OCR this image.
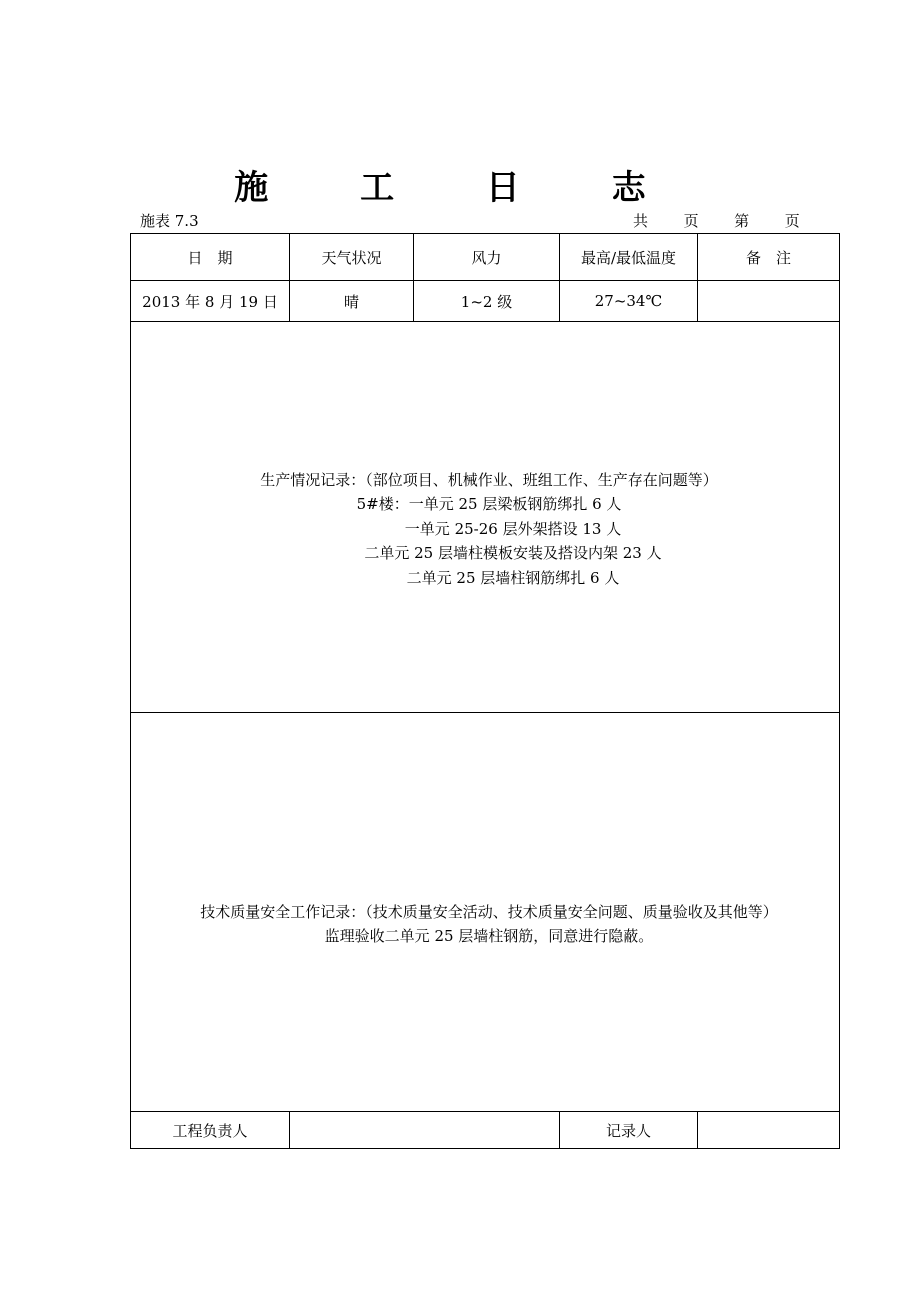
施 工 日 志
施表 7.3	共 页 第 页
日　期	天气状况	风力	最高/最低温度	备　注
2013 年 8 月 19 日	晴	1~2 级	27~34℃	

生产情况记录：（部位项目、机械作业、班组工作、生产存在问题等）
5#楼：一单元 25 层梁板钢筋绑扎 6 人
一单元 25-26 层外架搭设 13 人
二单元 25 层墙柱模板安装及搭设内架 23 人
二单元 25 层墙柱钢筋绑扎 6 人				

技术质量安全工作记录：（技术质量安全活动、技术质量安全问题、质量验收及其他等）
监理验收二单元 25 层墙柱钢筋，同意进行隐蔽。				

工程负责人			记录人	
